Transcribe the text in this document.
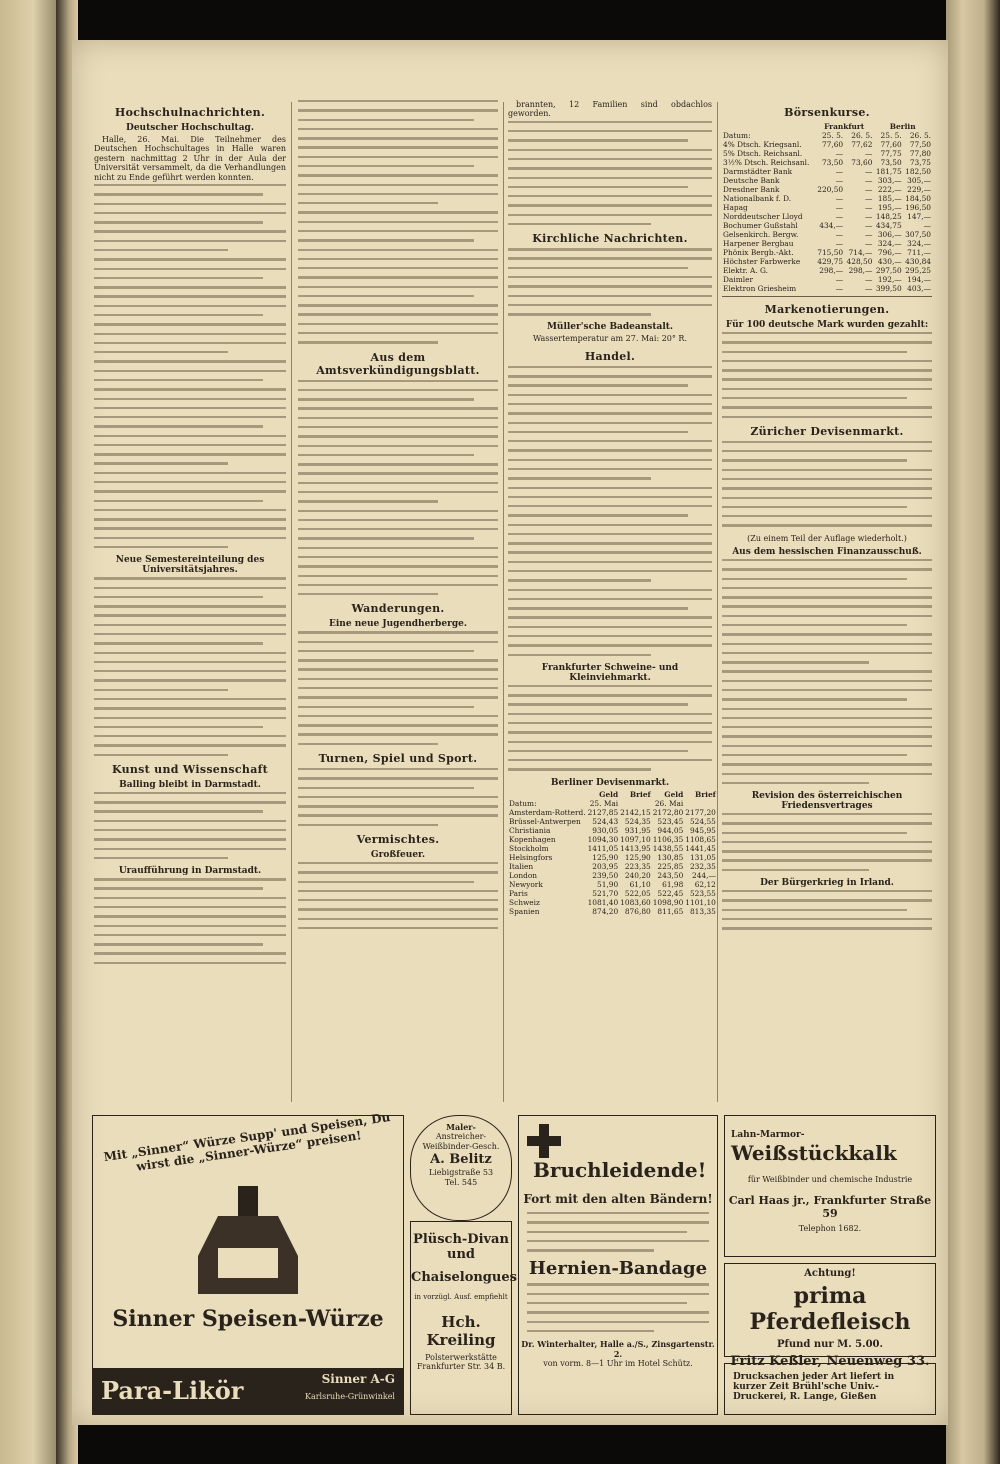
Hochschulnachrichten.
Deutscher Hochschultag.

Halle, 26. Mai. Die Teilnehmer des Deutschen Hochschultages in Halle waren gestern nachmittag 2 Uhr in der Aula der Universität versammelt, da die Verhandlungen nicht zu Ende geführt werden konnten.

Neue Semestereinteilung des Universitätsjahres.
Kunst und Wissenschaft
Balling bleibt in Darmstadt.
Uraufführung in Darmstadt.
Aus dem Amtsverkündigungsblatt.
Wanderungen.
Eine neue Jugendherberge.
Turnen, Spiel und Sport.
Vermischtes.
Großfeuer.

brannten, 12 Familien sind obdachlos geworden.

Kirchliche Nachrichten.
Müller'sche Badeanstalt.

Wassertemperatur am 27. Mai: 20° R.

Handel.
Frankfurter Schweine- und Kleinviehmarkt.
Berliner Devisenmarkt.
	Geld	Brief	Geld	Brief
Datum:	25. Mai		26. Mai	
Amsterdam-Rotterd.	2127,85	2142,15	2172,80	2177,20
Brüssel-Antwerpen	524,43	524,35	523,45	524,55
Christiania	930,05	931,95	944,05	945,95
Kopenhagen	1094,30	1097,10	1106,35	1108,65
Stockholm	1411,05	1413,95	1438,55	1441,45
Helsingfors	125,90	125,90	130,85	131,05
Italien	203,95	223,35	225,85	232,35
London	239,50	240,20	243,50	244,—
Newyork	51,90	61,10	61,98	62,12
Paris	521,70	522,05	522,45	523,55
Schweiz	1081,40	1083,60	1098,90	1101,10
Spanien	874,20	876,80	811,65	813,35
Börsenkurse.
	Frankfurt		Berlin	
Datum:	25. 5.	26. 5.	25. 5.	26. 5.
4% Dtsch. Kriegsanl.	77,60	77,62	77,60	77,50
5% Dtsch. Reichsanl.	—	—	77,75	77,80
3½% Dtsch. Reichsanl.	73,50	73,60	73,50	73,75
Darmstädter Bank	—	—	181,75	182,50
Deutsche Bank	—	—	303,—	305,—
Dresdner Bank	220,50	—	222,—	229,—
Nationalbank f. D.	—	—	185,—	184,50
Hapag	—	—	195,—	196,50
Norddeutscher Lloyd	—	—	148,25	147,—
Bochumer Gußstahl	434,—	—	434,75	—
Gelsenkirch. Bergw.	—	—	306,—	307,50
Harpener Bergbau	—	—	324,—	324,—
Phönix Bergb.-Akt.	715,50	714,—	796,—	711,—
Höchster Farbwerke	429,75	428,50	430,—	430,84
Elektr. A. G.	298,—	298,—	297,50	295,25
Daimler	—	—	192,—	194,—
Elektron Griesheim	—	—	399,50	403,—
Markenotierungen.
Für 100 deutsche Mark wurden gezahlt:
Züricher Devisenmarkt.

(Zu einem Teil der Auflage wiederholt.)

Aus dem hessischen Finanzausschuß.
Revision des österreichischen Friedensvertrages
Der Bürgerkrieg in Irland.
Mit „Sinner“ Würze Supp' und Speisen, Du wirst die „Sinner-Würze“ preisen!
Sinner Speisen-Würze
Para-Likör	Sinner A-G
Karlsruhe-Grünwinkel
Maler-
Anstreicher-
Weißbinder-Gesch.
A. Belitz
Liebigstraße 53
Tel. 545
Plüsch-Divan und
Chaiselongues
in vorzügl. Ausf. empfiehlt
Hch. Kreiling
Polsterwerkstätte
Frankfurter Str. 34 B.
Bruchleidende!
Fort mit den alten Bändern!
Hernien-Bandage
Dr. Winterhalter, Halle a./S., Zinsgartenstr. 2.
von vorm. 8—1 Uhr im Hotel Schütz.
Lahn-Marmor- Weißstückkalk
für Weißbinder und chemische Industrie
Carl Haas jr., Frankfurter Straße 59
Telephon 1682.
Achtung!
prima Pferdefleisch
Pfund nur M. 5.00.
Fritz Keßler, Neuenweg 33.
Drucksachen jeder Art liefert in kurzer Zeit Brühl'sche Univ.-Druckerei, R. Lange, Gießen
